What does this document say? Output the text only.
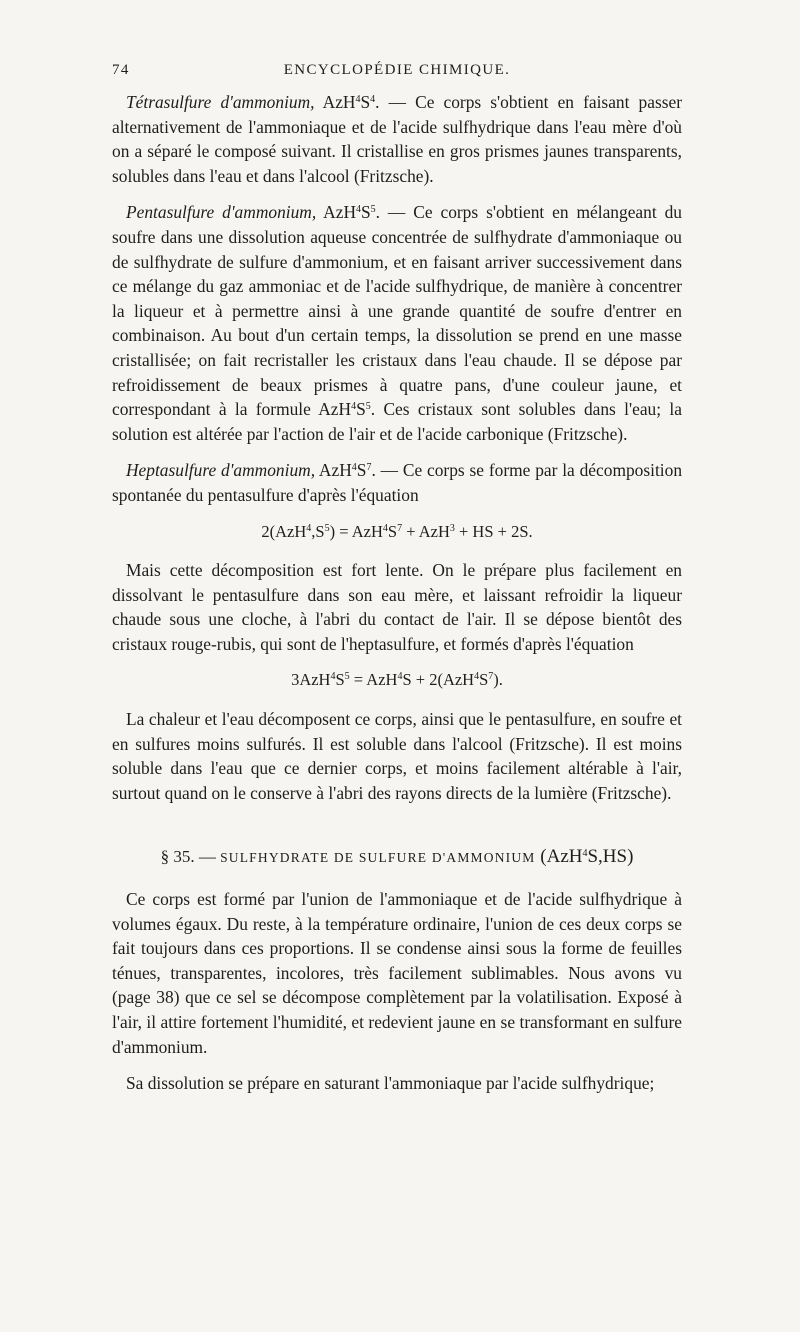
74	ENCYCLOPÉDIE CHIMIQUE.

Tétrasulfure d'ammonium, $AzH^4S^4$. — Ce corps s'obtient en faisant passer alternativement de l'ammoniaque et de l'acide sulfhydrique dans l'eau mère d'où on a séparé le composé suivant. Il cristallise en gros prismes jaunes transparents, solubles dans l'eau et dans l'alcool (Fritzsche).

Pentasulfure d'ammonium, $AzH^4S^5$. — Ce corps s'obtient en mélangeant du soufre dans une dissolution aqueuse concentrée de sulfhydrate d'ammoniaque ou de sulfhydrate de sulfure d'ammonium, et en faisant arriver successivement dans ce mélange du gaz ammoniac et de l'acide sulfhydrique, de manière à concentrer la liqueur et à permettre ainsi à une grande quantité de soufre d'entrer en combinaison. Au bout d'un certain temps, la dissolution se prend en une masse cristallisée; on fait recristaller les cristaux dans l'eau chaude. Il se dépose par refroidissement de beaux prismes à quatre pans, d'une couleur jaune, et correspondant à la formule $AzH^4S^5$. Ces cristaux sont solubles dans l'eau; la solution est altérée par l'action de l'air et de l'acide carbonique (Fritzsche).

Heptasulfure d'ammonium, $AzH^4S^7$. — Ce corps se forme par la décomposition spontanée du pentasulfure d'après l'équation

$2(AzH^4,S^5) = AzH^4S^7 + AzH^3$ + HS + 2S.

Mais cette décomposition est fort lente. On le prépare plus facilement en dissolvant le pentasulfure dans son eau mère, et laissant refroidir la liqueur chaude sous une cloche, à l'abri du contact de l'air. Il se dépose bientôt des cristaux rouge-rubis, qui sont de l'heptasulfure, et formés d'après l'équation

$3AzH^4S^5 = AzH^4S + 2(AzH^4S^7)$.

La chaleur et l'eau décomposent ce corps, ainsi que le pentasulfure, en soufre et en sulfures moins sulfurés. Il est soluble dans l'alcool (Fritzsche). Il est moins soluble dans l'eau que ce dernier corps, et moins facilement altérable à l'air, surtout quand on le conserve à l'abri des rayons directs de la lumière (Fritzsche).

§ 35. — SULFHYDRATE DE SULFURE D'AMMONIUM (AzH$^4$S,HS)

Ce corps est formé par l'union de l'ammoniaque et de l'acide sulfhydrique à volumes égaux. Du reste, à la température ordinaire, l'union de ces deux corps se fait toujours dans ces proportions. Il se condense ainsi sous la forme de feuilles ténues, transparentes, incolores, très facilement sublimables. Nous avons vu (page 38) que ce sel se décompose complètement par la volatilisation. Exposé à l'air, il attire fortement l'humidité, et redevient jaune en se transformant en sulfure d'ammonium.

Sa dissolution se prépare en saturant l'ammoniaque par l'acide sulfhydrique;
